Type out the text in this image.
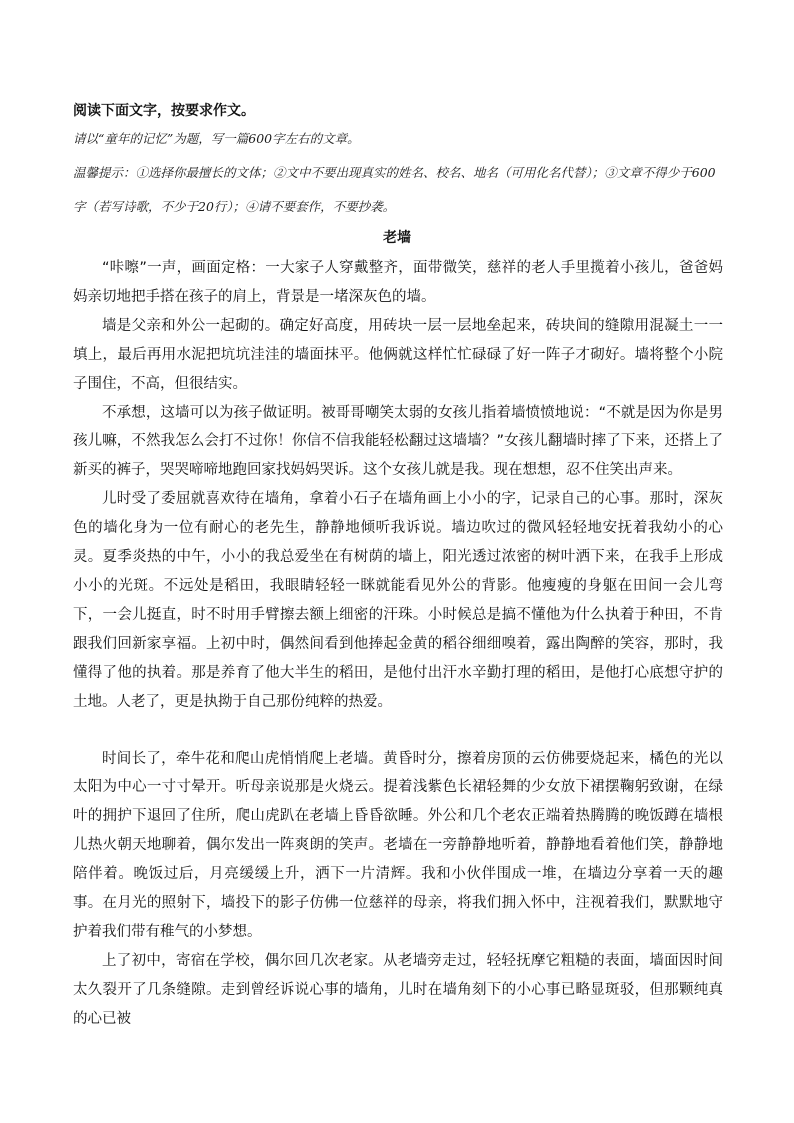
阅读下面文字，按要求作文。

请以“童年的记忆”为题，写一篇600字左右的文章。

温馨提示：①选择你最擅长的文体；②文中不要出现真实的姓名、校名、地名（可用化名代替）；③文章不得少于600字（若写诗歌，不少于20行）；④请不要套作，不要抄袭。

老墙

“咔嚓”一声，画面定格：一大家子人穿戴整齐，面带微笑，慈祥的老人手里揽着小孩儿，爸爸妈妈亲切地把手搭在孩子的肩上，背景是一堵深灰色的墙。

墙是父亲和外公一起砌的。确定好高度，用砖块一层一层地垒起来，砖块间的缝隙用混凝土一一填上，最后再用水泥把坑坑洼洼的墙面抹平。他俩就这样忙忙碌碌了好一阵子才砌好。墙将整个小院子围住，不高，但很结实。

不承想，这墙可以为孩子做证明。被哥哥嘲笑太弱的女孩儿指着墙愤愤地说：“不就是因为你是男孩儿嘛，不然我怎么会打不过你！你信不信我能轻松翻过这墙墙？”女孩儿翻墙时摔了下来，还搭上了新买的裤子，哭哭啼啼地跑回家找妈妈哭诉。这个女孩儿就是我。现在想想，忍不住笑出声来。

儿时受了委屈就喜欢待在墙角，拿着小石子在墙角画上小小的字，记录自己的心事。那时，深灰色的墙化身为一位有耐心的老先生，静静地倾听我诉说。墙边吹过的微风轻轻地安抚着我幼小的心灵。夏季炎热的中午，小小的我总爱坐在有树荫的墙上，阳光透过浓密的树叶洒下来，在我手上形成小小的光斑。不远处是稻田，我眼睛轻轻一眯就能看见外公的背影。他瘦瘦的身躯在田间一会儿弯下，一会儿挺直，时不时用手臂擦去额上细密的汗珠。小时候总是搞不懂他为什么执着于种田，不肯跟我们回新家享福。上初中时，偶然间看到他捧起金黄的稻谷细细嗅着，露出陶醉的笑容，那时，我懂得了他的执着。那是养育了他大半生的稻田，是他付出汗水辛勤打理的稻田，是他打心底想守护的土地。人老了，更是执拗于自己那份纯粹的热爱。

时间长了，牵牛花和爬山虎悄悄爬上老墙。黄昏时分，擦着房顶的云仿佛要烧起来，橘色的光以太阳为中心一寸寸晕开。听母亲说那是火烧云。提着浅紫色长裙轻舞的少女放下裙摆鞠躬致谢，在绿叶的拥护下退回了住所，爬山虎趴在老墙上昏昏欲睡。外公和几个老农正端着热腾腾的晚饭蹲在墙根儿热火朝天地聊着，偶尔发出一阵爽朗的笑声。老墙在一旁静静地听着，静静地看着他们笑，静静地陪伴着。晚饭过后，月亮缓缓上升，洒下一片清辉。我和小伙伴围成一堆，在墙边分享着一天的趣事。在月光的照射下，墙投下的影子仿佛一位慈祥的母亲，将我们拥入怀中，注视着我们，默默地守护着我们带有稚气的小梦想。

上了初中，寄宿在学校，偶尔回几次老家。从老墙旁走过，轻轻抚摩它粗糙的表面，墙面因时间太久裂开了几条缝隙。走到曾经诉说心事的墙角，儿时在墙角刻下的小心事已略显斑驳，但那颗纯真的心已被
